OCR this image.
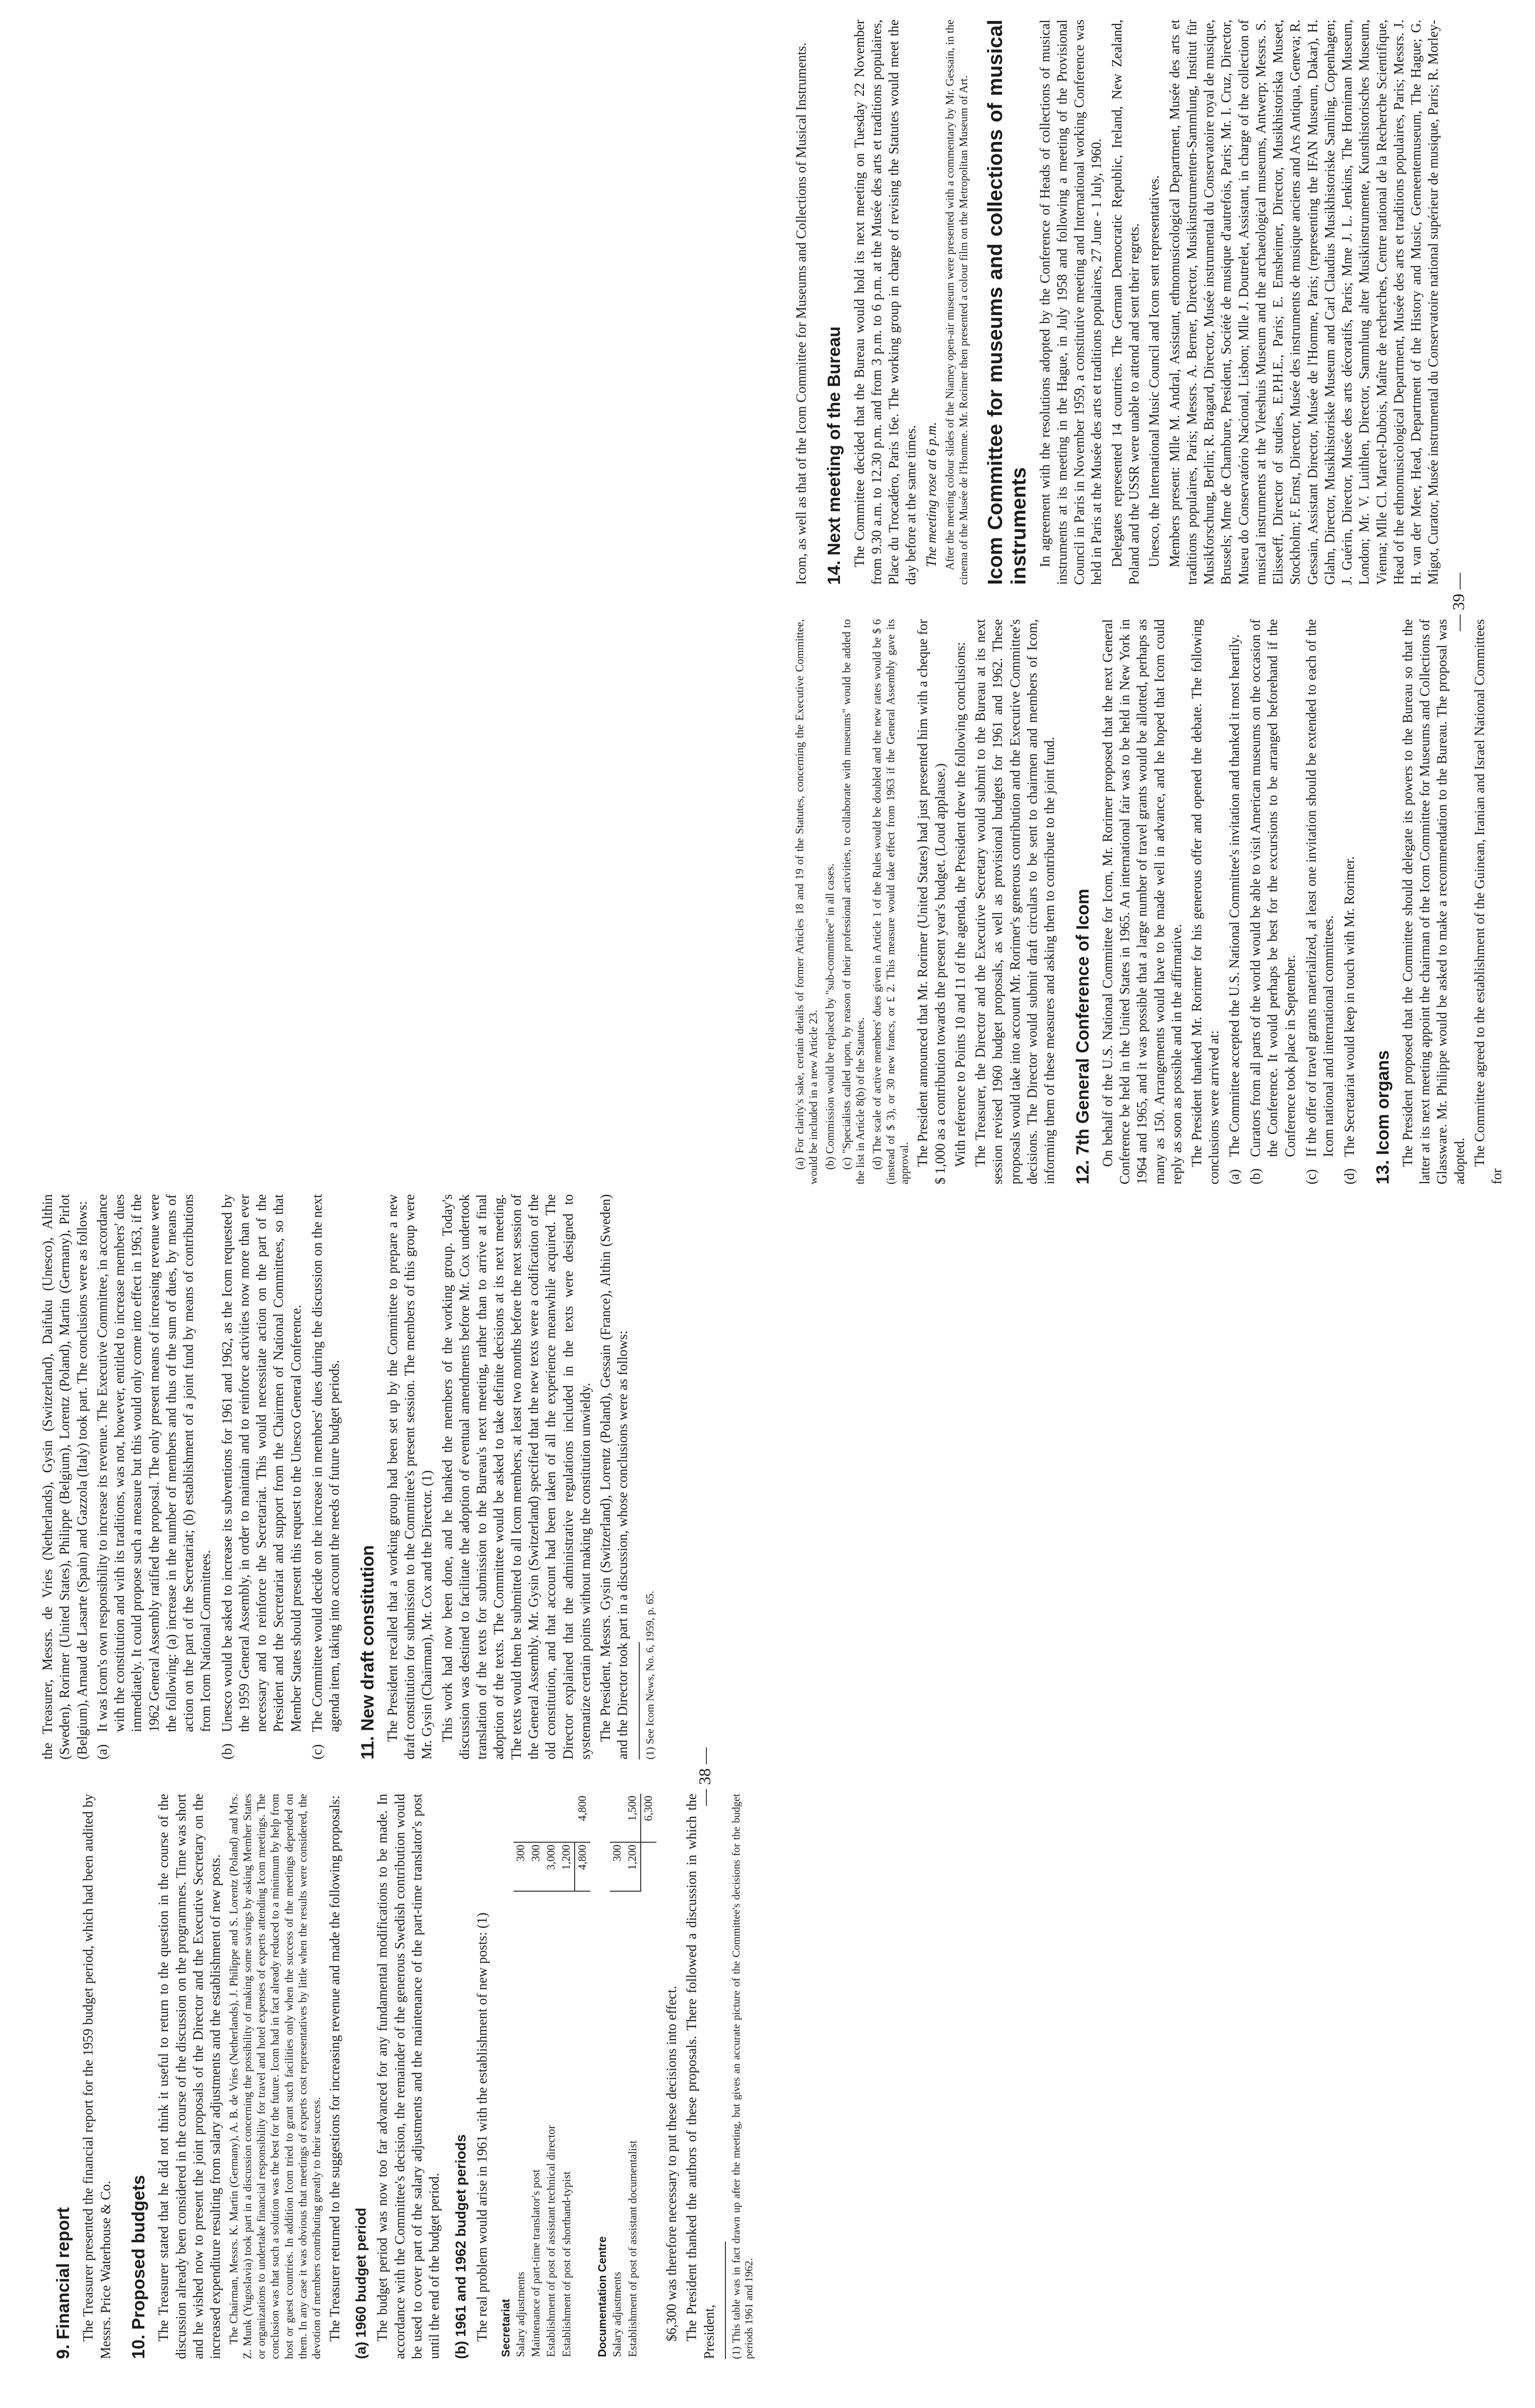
9. Financial report The Treasurer presented the financial report for the 1959 budget period, which had been audited by Messrs. Price Waterhouse & Co. 10. Proposed budgets The Treasurer stated that he did not think it useful to return to the question in the course of the discussion already been considered in the course of the discussion on the programmes. Time was short and he wished now to present the joint proposals of the Director and the Executive Secretary on the increased expenditure resulting from salary adjustments and the establishment of new posts. The Chairman, Messrs. K. Martin (Germany), A. B. de Vries (Netherlands), J. Philippe and S. Lorentz (Poland) and Mrs. Z. Munk (Yugoslavia) took part in a discussion concerning the possibility of making some savings by asking Member States or organizations to undertake financial responsibility for travel and hotel expenses of experts attending Icom meetings. The conclusion was that such a solution was the best for the future. Icom had in fact already reduced to a minimum by help from host or guest countries. In addition Icom tried to grant such facilities only when the success of the meetings depended on them. In any case it was obvious that meetings of experts cost representatives by little when the results were considered, the devotion of members contributing greatly to their success. The Treasurer returned to the suggestions for increasing revenue and made the following proposals: (a) 1960 budget period The budget period was now too far advanced for any fundamental modifications to be made. In accordance with the Committee's decision, the remainder of the generous Swedish contribution would be used to cover part of the salary adjustments and the maintenance of the part-time translator's post until the end of the budget period. (b) 1961 and 1962 budget periods The real problem would arise in 1961 with the establishment of new posts: (1) Secretariat		
Salary adjustments	300	
Maintenance of part-time translator's post	300	
Establishment of post of assistant technical director	3,000	
Establishment of post of shorthand-typist	1,200	
	4,800	4,800
Documentation Centre		
Salary adjustments	300	
Establishment of post of assistant documentalist	1,200	1,500
		6,300

$6,300 was therefore necessary to put these decisions into effect. The President thanked the authors of these proposals. There followed a discussion in which the President, (1) This table was in fact drawn up after the meeting, but gives an accurate picture of the Committee's decisions for the budget periods 1961 and 1962.

the Treasurer, Messrs. de Vries (Netherlands), Gysin (Switzerland), Daifuku (Unesco), Althin (Sweden), Rorimer (United States), Philippe (Belgium), Lorentz (Poland), Martin (Germany), Pirlot (Belgium), Arnaud de Lasarte (Spain) and Gazzola (Italy) took part. The conclusions were as follows: (a)
It was Icom's own responsibility to increase its revenue. The Executive Committee, in accordance with the constitution and with its traditions, was not, however, entitled to increase members' dues immediately. It could propose such a measure but this would only come into effect in 1963, if the 1962 General Assembly ratified the proposal. The only present means of increasing revenue were the following: (a) increase in the number of members and thus of the sum of dues, by means of action on the part of the Secretariat; (b) establishment of a joint fund by means of contributions from Icom National Committees.
(b)
Unesco would be asked to increase its subventions for 1961 and 1962, as the Icom requested by the 1959 General Assembly, in order to maintain and to reinforce activities now more than ever necessary and to reinforce the Secretariat. This would necessitate action on the part of the President and the Secretariat and support from the Chairmen of National Committees, so that Member States should present this request to the Unesco General Conference.
(c)
The Committee would decide on the increase in members' dues during the discussion on the next agenda item, taking into account the needs of future budget periods. 11. New draft constitution The President recalled that a working group had been set up by the Committee to prepare a new draft constitution for submission to the Committee's present session. The members of this group were Mr. Gysin (Chairman), Mr. Cox and the Director. (1) This work had now been done, and he thanked the members of the working group. Today's discussion was destined to facilitate the adoption of eventual amendments before Mr. Cox undertook translation of the texts for submission to the Bureau's next meeting, rather than to arrive at final adoption of the texts. The Committee would be asked to take definite decisions at its next meeting. The texts would then be submitted to all Icom members, at least two months before the next session of the General Assembly. Mr. Gysin (Switzerland) specified that the new texts were a codification of the old constitution, and that account had been taken of all the experience meanwhile acquired. The Director explained that the administrative regulations included in the texts were designed to systematize certain points without making the constitution unwieldy. The President, Messrs. Gysin (Switzerland), Lorentz (Poland), Gessain (France), Althin (Sweden) and the Director took part in a discussion, whose conclusions were as follows: (1) See Icom News, No. 6, 1959, p. 65.
— 38 —

(a) For clarity's sake, certain details of former Articles 18 and 19 of the Statutes, concerning the Executive Committee, would be included in a new Article 23. (b) Commission would be replaced by "sub-committee" in all cases. (c) "Specialists called upon, by reason of their professional activities, to collaborate with museums" would be added to the list in Article 8(b) of the Statutes. (d) The scale of active members' dues given in Article 1 of the Rules would be doubled and the new rates would be $ 6 (instead of $ 3), or 30 new francs, or £ 2. This measure would take effect from 1963 if the General Assembly gave its approval. The President announced that Mr. Rorimer (United States) had just presented him with a cheque for $ 1,000 as a contribution towards the present year's budget. (Loud applause.) With reference to Points 10 and 11 of the agenda, the President drew the following conclusions: The Treasurer, the Director and the Executive Secretary would submit to the Bureau at its next session revised 1960 budget proposals, as well as provisional budgets for 1961 and 1962. These proposals would take into account Mr. Rorimer's generous contribution and the Executive Committee's decisions. The Director would submit draft circulars to be sent to chairmen and members of Icom, informing them of these measures and asking them to contribute to the joint fund. 12. 7th General Conference of Icom On behalf of the U.S. National Committee for Icom, Mr. Rorimer proposed that the next General Conference be held in the United States in 1965. An international fair was to be held in New York in 1964 and 1965, and it was possible that a large number of travel grants would be allotted, perhaps as many as 150. Arrangements would have to be made well in advance, and he hoped that Icom could reply as soon as possible and in the affirmative. The President thanked Mr. Rorimer for his generous offer and opened the debate. The following conclusions were arrived at: (a)
The Committee accepted the U.S. National Committee's invitation and thanked it most heartily.
(b)
Curators from all parts of the world would be able to visit American museums on the occasion of the Conference. It would perhaps be best for the excursions to be arranged beforehand if the Conference took place in September.
(c)
If the offer of travel grants materialized, at least one invitation should be extended to each of the Icom national and international committees.
(d)
The Secretariat would keep in touch with Mr. Rorimer. 13. Icom organs The President proposed that the Committee should delegate its powers to the Bureau so that the latter at its next meeting appoint the chairman of the Icom Committee for Museums and Collections of Glassware. Mr. Philippe would be asked to make a recommendation to the Bureau. The proposal was adopted. The Committee agreed to the establishment of the Guinean, Iranian and Israel National Committees for

Icom, as well as that of the Icom Committee for Museums and Collections of Musical Instruments. 14. Next meeting of the Bureau The Committee decided that the Bureau would hold its next meeting on Tuesday 22 November from 9.30 a.m. to 12.30 p.m. and from 3 p.m. to 6 p.m. at the Musée des arts et traditions populaires, Place du Trocadéro, Paris 16e. The working group in charge of revising the Statutes would meet the day before at the same times. The meeting rose at 6 p.m. After the meeting colour slides of the Niamey open-air museum were presented with a commentary by Mr. Gessain, in the cinema of the Musée de l'Homme. Mr. Rorimer then presented a colour film on the Metropolitan Museum of Art. Icom Committee for museums and collections of musical instruments In agreement with the resolutions adopted by the Conference of Heads of collections of musical instruments at its meeting in the Hague, in July 1958 and following a meeting of the Provisional Council in Paris in November 1959, a constitutive meeting and International working Conference was held in Paris at the Musée des arts et traditions populaires, 27 June - 1 July, 1960. Delegates represented 14 countries. The German Democratic Republic, Ireland, New Zealand, Poland and the USSR were unable to attend and sent their regrets. Unesco, the International Music Council and Icom sent representatives. Members present: Mlle M. Andral, Assistant, ethnomusicological Department, Musée des arts et traditions populaires, Paris; Messrs. A. Berner, Director, Musikinstrumenten-Sammlung, Institut für Musikforschung, Berlin; R. Bragard, Director, Musée instrumental du Conservatoire royal de musique, Brussels; Mme de Chambure, President, Société de musique d'autrefois, Paris; Mr. I. Cruz, Director, Museu do Conservatório Nacional, Lisbon; Mlle J. Doutrelet, Assistant, in charge of the collection of musical instruments at the Vleeshuis Museum and the archaeological museums, Antwerp; Messrs. S. Elisseeff, Director of studies, E.P.H.E., Paris; E. Emsheimer, Director, Musikhistoriska Museet, Stockholm; F. Ernst, Director, Musée des instruments de musique anciens and Ars Antiqua, Geneva; R. Gessain, Assistant Director, Musée de l'Homme, Paris; (representing the IFAN Museum, Dakar), H. Glahn, Director, Musikhistoriske Museum and Carl Claudius Musikhistoriske Samling, Copenhagen; J. Guérin, Director, Musée des arts décoratifs, Paris; Mme J. L. Jenkins, The Horniman Museum, London; Mr. V. Luithlen, Director, Sammlung alter Musikinstrumente, Kunsthistorisches Museum, Vienna; Mlle Cl. Marcel-Dubois, Maître de recherches, Centre national de la Recherche Scientifique, Head of the ethnomusicological Department, Musée des arts et traditions populaires, Paris; Messrs. J. H. van der Meer, Head, Department of the History and Music, Gemeentemuseum, The Hague; G. Migot, Curator, Musée instrumental du Conservatoire national supérieur de musique, Paris; R. Morley-

— 39 —
